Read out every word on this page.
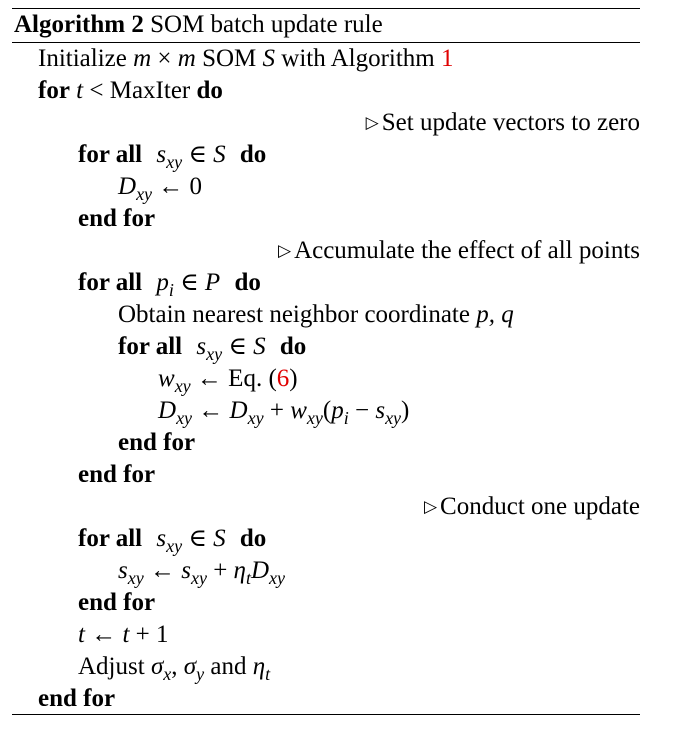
Algorithm 2 SOM batch update rule
Initialize m × m SOM S with Algorithm 1
for t < MaxIter do
▷ Set update vectors to zero
for all $s_{xy}$ ∈ S do
$D_{xy}$ ← 0
end for
▷ Accumulate the effect of all points
for all $p_i$ ∈ P do
Obtain nearest neighbor coordinate p, q
for all $s_{xy}$ ∈ S do
$w_{xy}$ ← Eq. (6)
$D_{xy}$ ← $D_{xy} + w_{xy}(p_i - s_{xy})$
end for
end for
▷ Conduct one update
for all $s_{xy}$ ∈ S do
$s_{xy}$ ← $s_{xy} + \eta_tD_{xy}$
end for
t ← t + 1
Adjust $\sigma_x$, $\sigma_y$ and $\eta_t$
end for
